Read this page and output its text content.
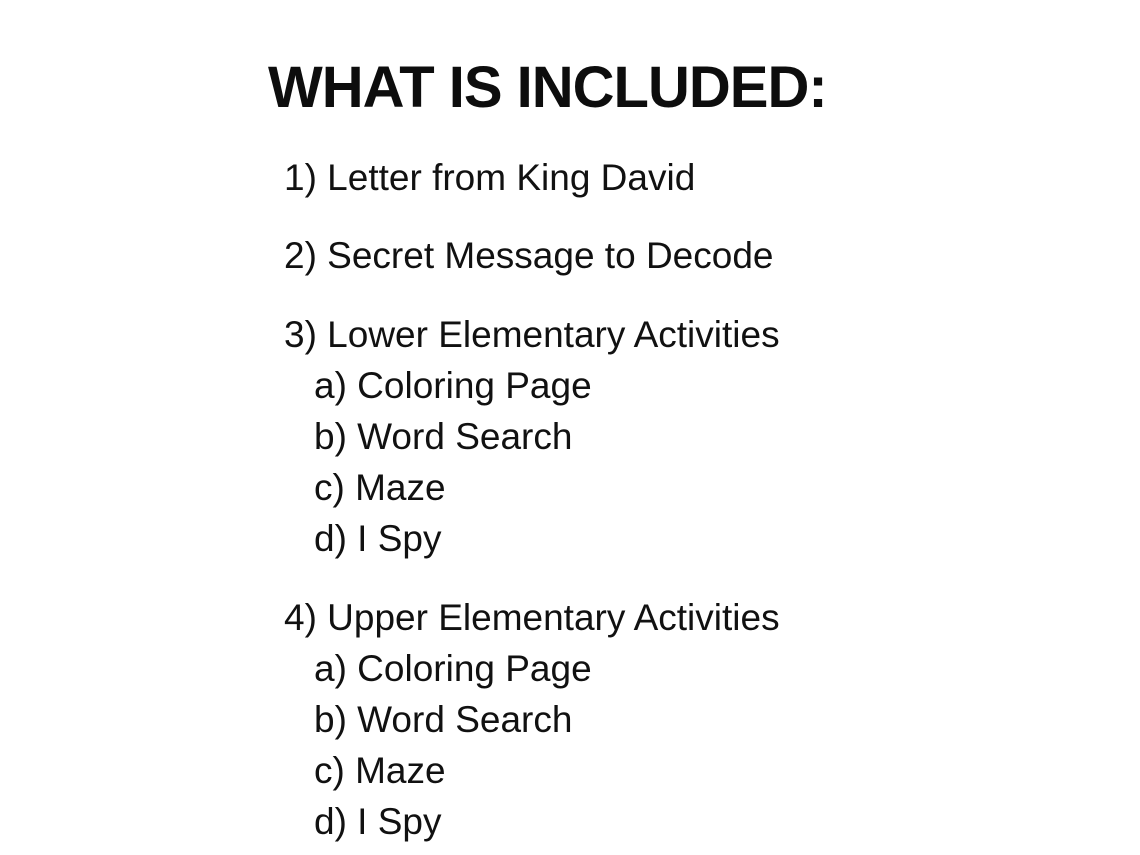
WHAT IS INCLUDED:

1) Letter from King David

2) Secret Message to Decode

3) Lower Elementary Activities

a) Coloring Page

b) Word Search

c) Maze

d) I Spy

4) Upper Elementary Activities

a) Coloring Page

b) Word Search

c) Maze

d) I Spy
